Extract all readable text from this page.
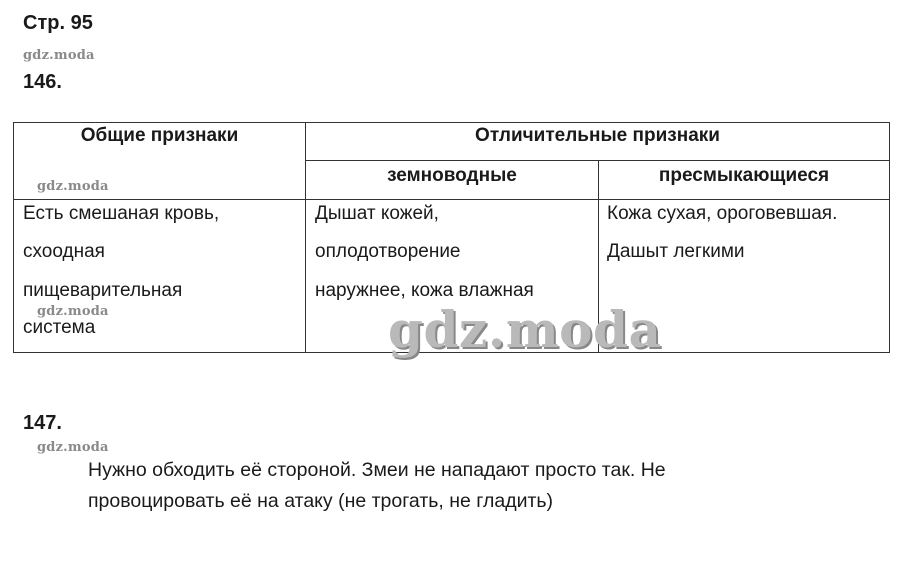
Стр. 95
gdz.moda
146.
Общие признаки	Отличительные признаки
земноводные	пресмыкающиеся
gdz.moda
Есть смешаная кровь,
схоодная
пищеварительная
gdz.moda
система
Дышат кожей,
оплодотворение
наружнее, кожа влажная
Кожа сухая, ороговевшая.
Дашыт легкими
gdz.moda
147.
gdz.moda
Нужно обходить её стороной. Змеи не нападают просто так. Не
провоцировать её на атаку (не трогать, не гладить)
